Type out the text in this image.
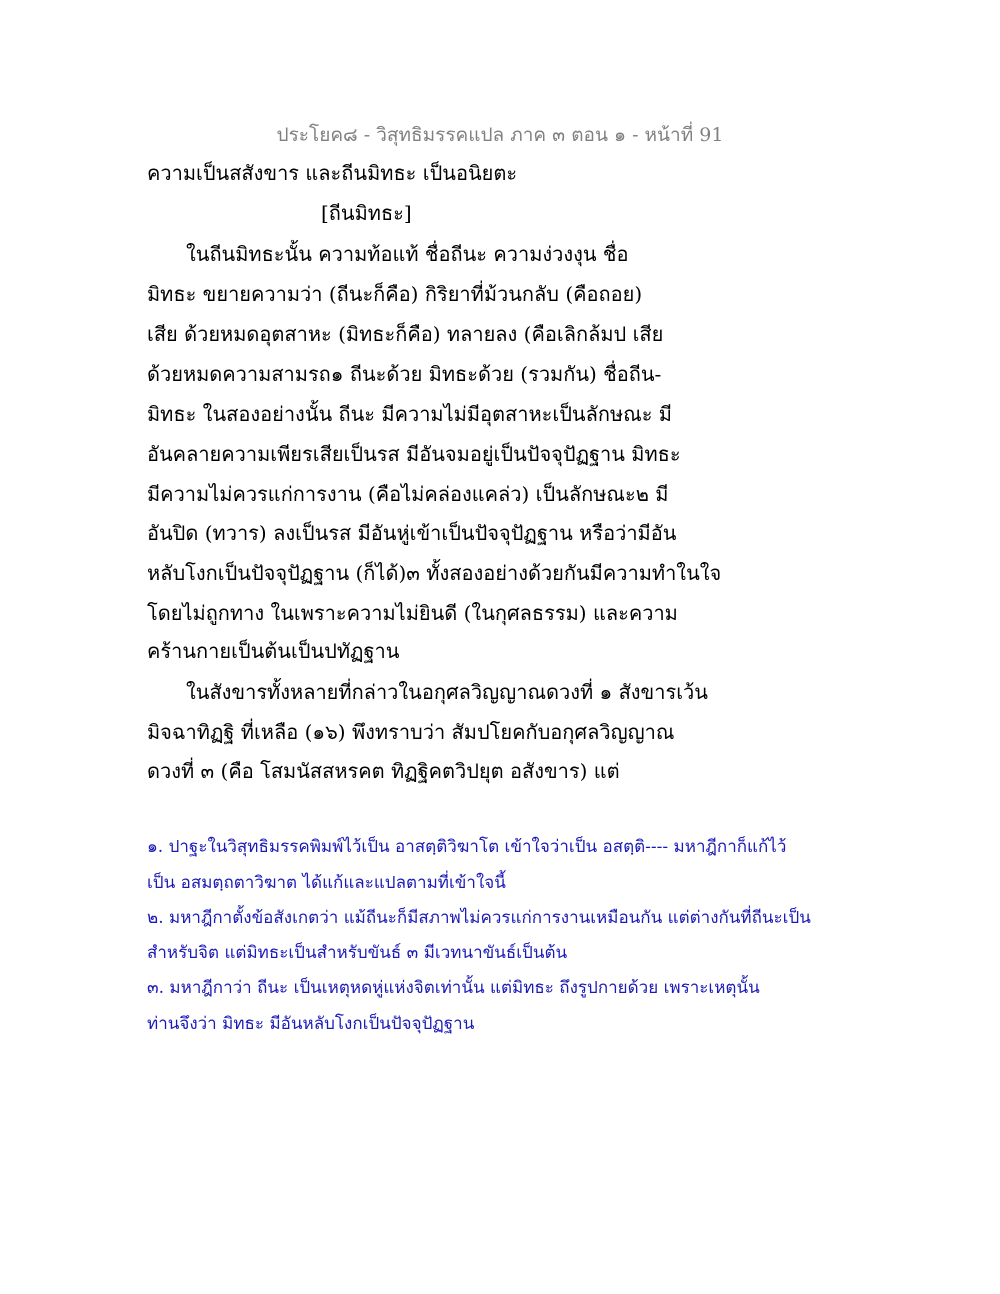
ประโยค๘ - วิสุทธิมรรคแปล ภาค ๓ ตอน ๑ - หน้าที่ 91
ความเป็นสสังขาร และถีนมิทธะ เป็นอนิยตะ
[ถีนมิทธะ]
ในถีนมิทธะนั้น ความท้อแท้ ชื่อถีนะ ความง่วงงุน ชื่อ
มิทธะ ขยายความว่า (ถีนะก็คือ) กิริยาที่ม้วนกลับ (คือถอย)
เสีย ด้วยหมดอุตสาหะ (มิทธะก็คือ) ทลายลง (คือเลิกล้มป เสีย
ด้วยหมดความสามรถ๑ ถีนะด้วย มิทธะด้วย (รวมกัน) ชื่อถีน-
มิทธะ ในสองอย่างนั้น ถีนะ มีความไม่มีอุตสาหะเป็นลักษณะ มี
อันคลายความเพียรเสียเป็นรส มีอันจมอยู่เป็นปัจจุปัฏฐาน มิทธะ
มีความไม่ควรแก่การงาน (คือไม่คล่องแคล่ว) เป็นลักษณะ๒ มี
อันปิด (ทวาร) ลงเป็นรส มีอันหู่เข้าเป็นปัจจุปัฏฐาน หรือว่ามีอัน
หลับโงกเป็นปัจจุปัฏฐาน (ก็ได้)๓ ทั้งสองอย่างด้วยกันมีความทำในใจ
โดยไม่ถูกทาง ในเพราะความไม่ยินดี (ในกุศลธรรม) และความ
คร้านกายเป็นต้นเป็นปทัฏฐาน
ในสังขารทั้งหลายที่กล่าวในอกุศลวิญญาณดวงที่ ๑ สังขารเว้น
มิจฉาทิฏฐิ ที่เหลือ (๑๖) พึงทราบว่า สัมปโยคกับอกุศลวิญญาณ
ดวงที่ ๓ (คือ โสมนัสสหรคต ทิฏฐิคตวิปยุต อสังขาร) แต่
๑. ปาฐะในวิสุทธิมรรคพิมพ์ไว้เป็น อาสตฺติวิฆาโต เข้าใจว่าเป็น อสตฺติ---- มหาฎีกาก็แก้ไว้
เป็น อสมตฺถตาวิฆาต ได้แก้และแปลตามที่เข้าใจนี้
๒. มหาฎีกาตั้งข้อสังเกตว่า แม้ถีนะก็มีสภาพไม่ควรแก่การงานเหมือนกัน แต่ต่างกันที่ถีนะเป็น
สำหรับจิต แต่มิทธะเป็นสำหรับขันธ์ ๓ มีเวทนาขันธ์เป็นต้น
๓. มหาฎีกาว่า ถีนะ เป็นเหตุหดหู่แห่งจิตเท่านั้น แต่มิทธะ ถึงรูปกายด้วย เพราะเหตุนั้น
ท่านจึงว่า มิทธะ มีอันหลับโงกเป็นปัจจุปัฏฐาน
